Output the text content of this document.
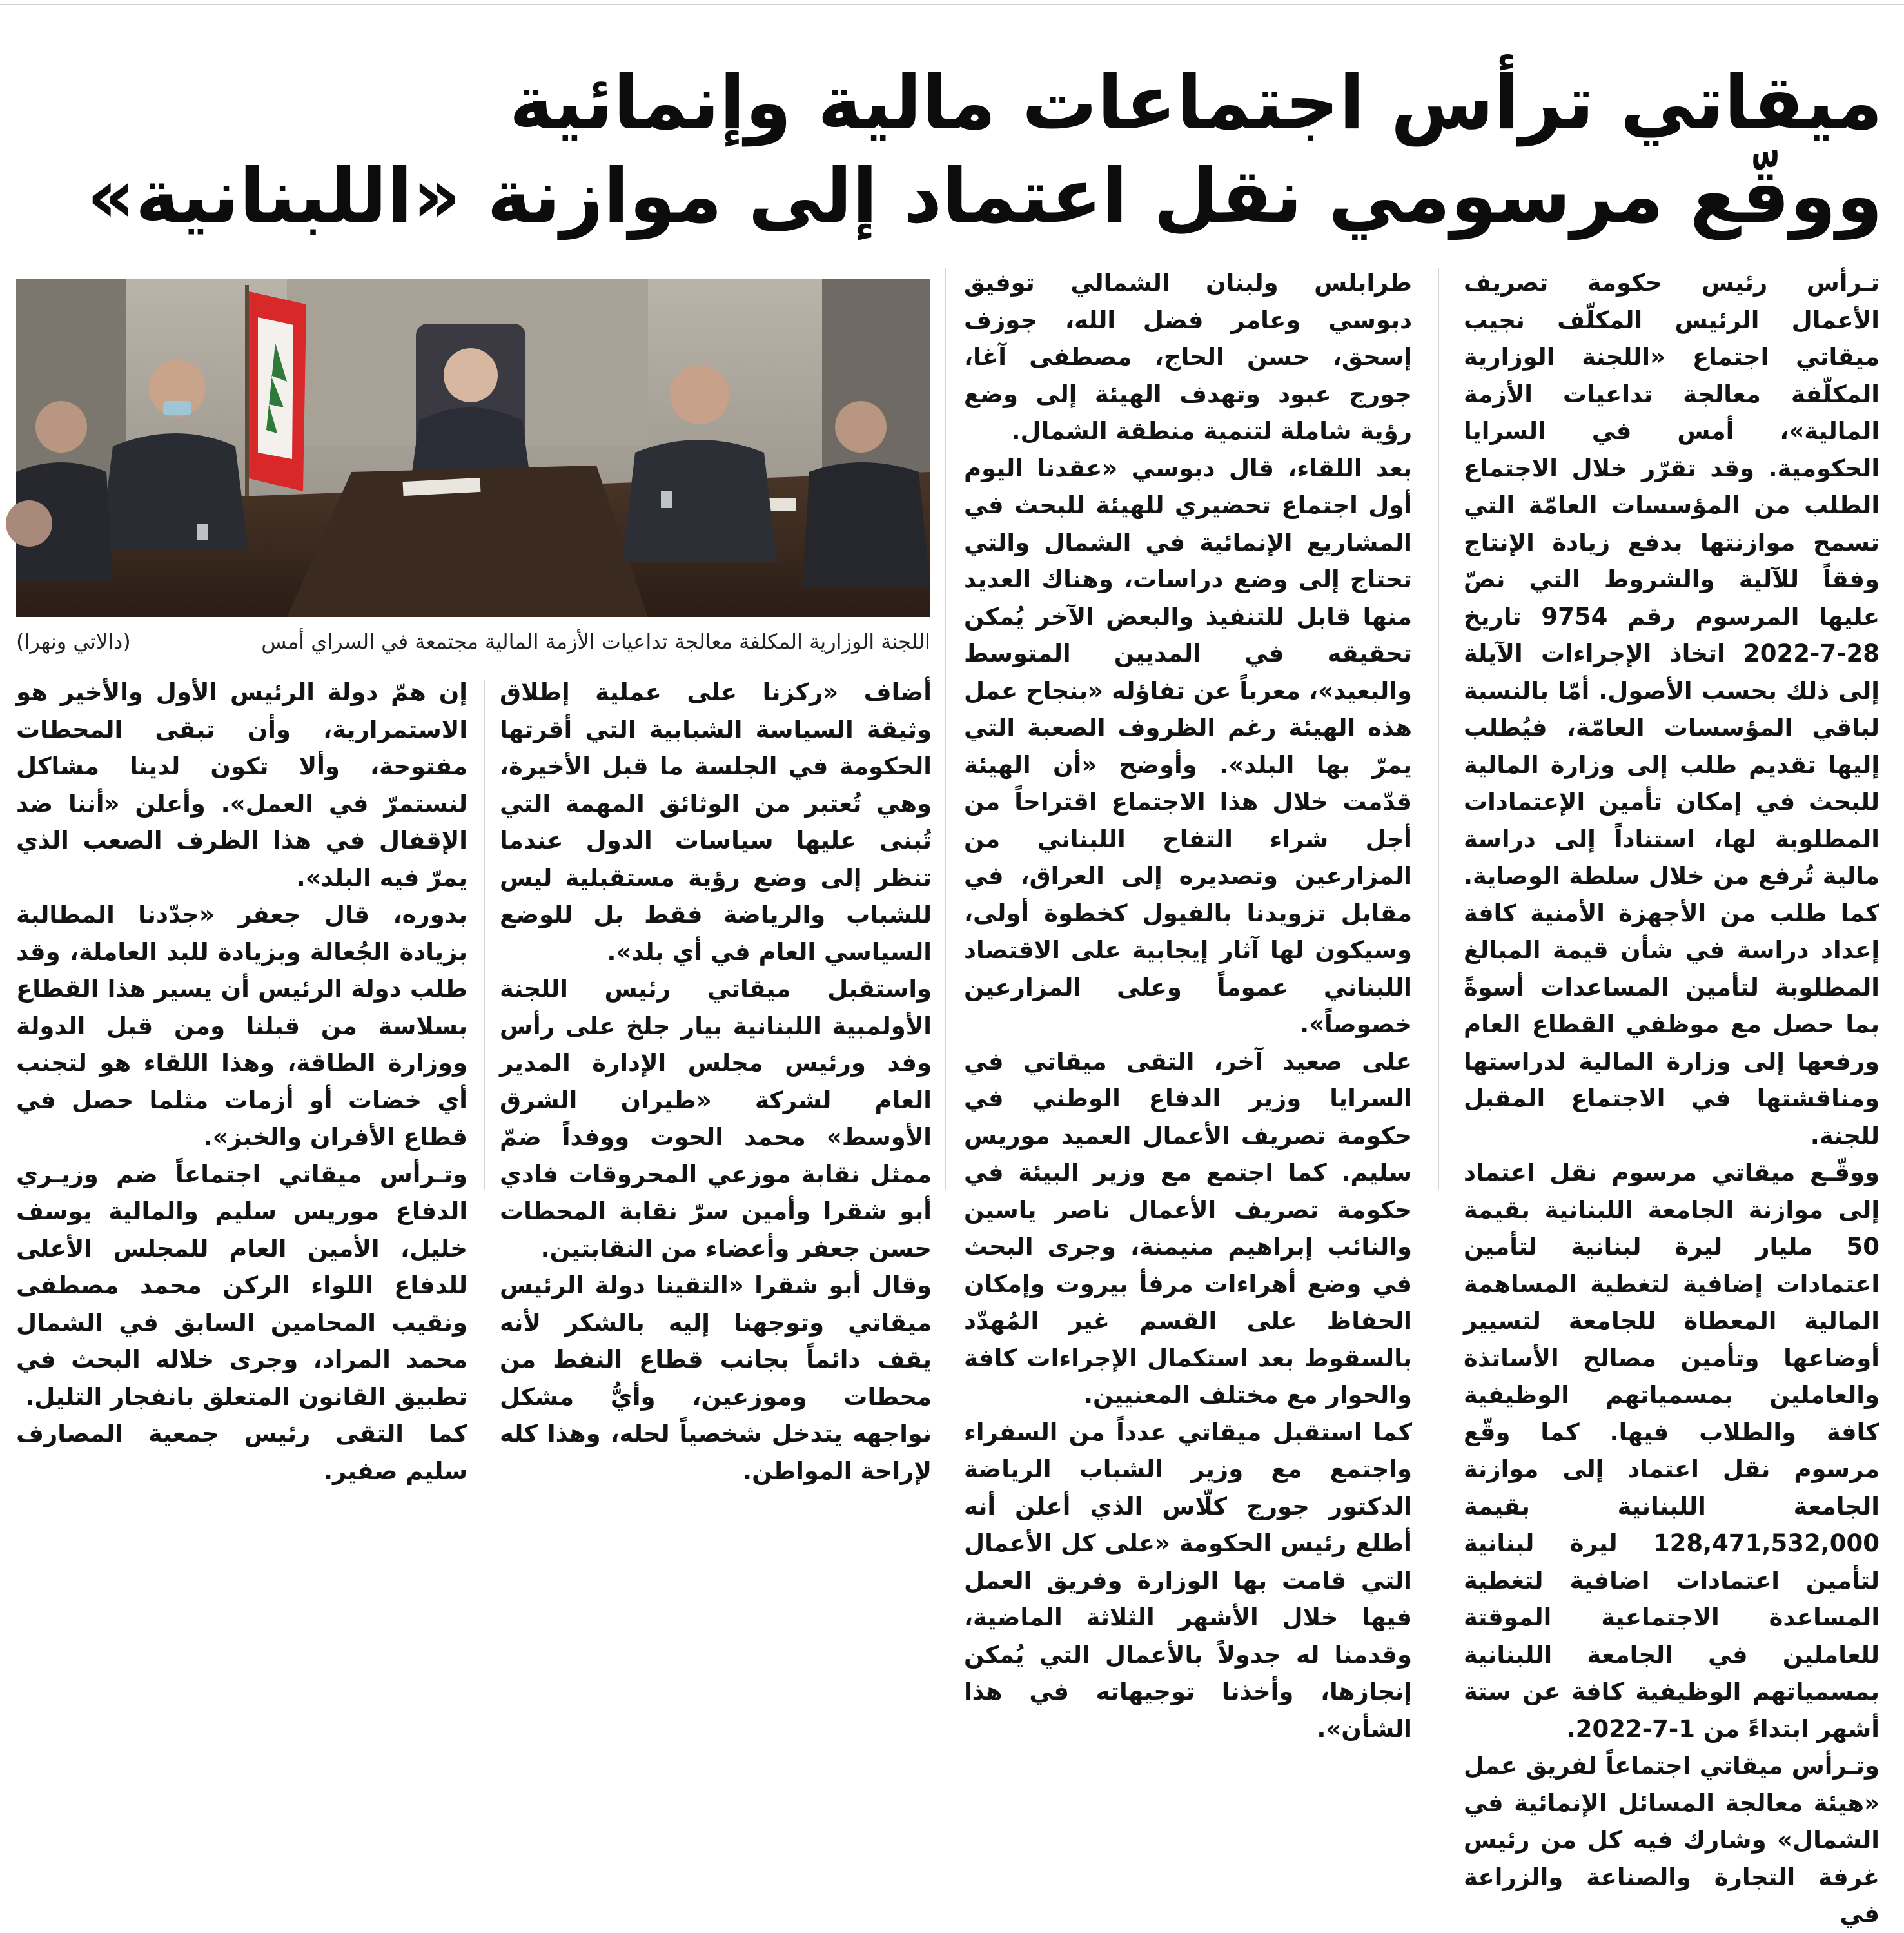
ميقاتي ترأس اجتماعات مالية وإنمائية
ووقّع مرسومي نقل اعتماد إلى موازنة «اللبنانية»

تـرأس رئيس حكومة تصريف الأعمال الرئيس المكلّف نجيب ميقاتي اجتماع «اللجنة الوزارية المكلّفة معالجة تداعيات الأزمة المالية»، أمس في السرايا الحكومية. وقد تقرّر خلال الاجتماع الطلب من المؤسسات العامّة التي تسمح موازنتها بدفع زيادة الإنتاج وفقاً للآلية والشروط التي نصّ عليها المرسوم رقم 9754 تاريخ 28-7-2022 اتخاذ الإجراءات الآيلة إلى ذلك بحسب الأصول. أمّا بالنسبة لباقي المؤسسات العامّة، فيُطلب إليها تقديم طلب إلى وزارة المالية للبحث في إمكان تأمين الإعتمادات المطلوبة لها، استناداً إلى دراسة مالية تُرفع من خلال سلطة الوصاية. كما طلب من الأجهزة الأمنية كافة إعداد دراسة في شأن قيمة المبالغ المطلوبة لتأمين المساعدات أسوةً بما حصل مع موظفي القطاع العام ورفعها إلى وزارة المالية لدراستها ومناقشتها في الاجتماع المقبل للجنة.

ووقّـع ميقاتي مرسوم نقل اعتماد إلى موازنة الجامعة اللبنانية بقيمة 50 مليار ليرة لبنانية لتأمين اعتمادات إضافية لتغطية المساهمة المالية المعطاة للجامعة لتسيير أوضاعها وتأمين مصالح الأساتذة والعاملين بمسمياتهم الوظيفية كافة والطلاب فيها. كما وقّع مرسوم نقل اعتماد إلى موازنة الجامعة اللبنانية بقيمة 128,471,532,000 ليرة لبنانية لتأمين اعتمادات اضافية لتغطية المساعدة الاجتماعية الموقتة للعاملين في الجامعة اللبنانية بمسمياتهم الوظيفية كافة عن ستة أشهر ابتداءً من 1-7-2022.

وتـرأس ميقاتي اجتماعاً لفريق عمل «هيئة معالجة المسائل الإنمائية في الشمال» وشارك فيه كل من رئيس غرفة التجارة والصناعة والزراعة في

طرابلس ولبنان الشمالي توفيق دبوسي وعامر فضل الله، جوزف إسحق، حسن الحاج، مصطفى آغا، جورج عبود وتهدف الهيئة إلى وضع رؤية شاملة لتنمية منطقة الشمال.

بعد اللقاء، قال دبوسي «عقدنا اليوم أول اجتماع تحضيري للهيئة للبحث في المشاريع الإنمائية في الشمال والتي تحتاج إلى وضع دراسات، وهناك العديد منها قابل للتنفيذ والبعض الآخر يُمكن تحقيقه في المديين المتوسط والبعيد»، معرباً عن تفاؤله «بنجاح عمل هذه الهيئة رغم الظروف الصعبة التي يمرّ بها البلد». وأوضح «أن الهيئة قدّمت خلال هذا الاجتماع اقتراحاً من أجل شراء التفاح اللبناني من المزارعين وتصديره إلى العراق، في مقابل تزويدنا بالفيول كخطوة أولى، وسيكون لها آثار إيجابية على الاقتصاد اللبناني عموماً وعلى المزارعين خصوصاً».

على صعيد آخر، التقى ميقاتي في السرايا وزير الدفاع الوطني في حكومة تصريف الأعمال العميد موريس سليم. كما اجتمع مع وزير البيئة في حكومة تصريف الأعمال ناصر ياسين والنائب إبراهيم منيمنة، وجرى البحث في وضع أهراءات مرفأ بيروت وإمكان الحفاظ على القسم غير المُهدّد بالسقوط بعد استكمال الإجراءات كافة والحوار مع مختلف المعنيين.

كما استقبل ميقاتي عدداً من السفراء واجتمع مع وزير الشباب الرياضة الدكتور جورج كلّاس الذي أعلن أنه أطلع رئيس الحكومة «على كل الأعمال التي قامت بها الوزارة وفريق العمل فيها خلال الأشهر الثلاثة الماضية، وقدمنا له جدولاً بالأعمال التي يُمكن إنجازها، وأخذنا توجيهاته في هذا الشأن».

أضاف «ركزنا على عملية إطلاق وثيقة السياسة الشبابية التي أقرتها الحكومة في الجلسة ما قبل الأخيرة، وهي تُعتبر من الوثائق المهمة التي تُبنى عليها سياسات الدول عندما تنظر إلى وضع رؤية مستقبلية ليس للشباب والرياضة فقط بل للوضع السياسي العام في أي بلد».

واستقبل ميقاتي رئيس اللجنة الأولمبية اللبنانية بيار جلخ على رأس وفد ورئيس مجلس الإدارة المدير العام لشركة «طيران الشرق الأوسط» محمد الحوت ووفداً ضمّ ممثل نقابة موزعي المحروقات فادي أبو شقرا وأمين سرّ نقابة المحطات حسن جعفر وأعضاء من النقابتين.

وقال أبو شقرا «التقينا دولة الرئيس ميقاتي وتوجهنا إليه بالشكر لأنه يقف دائماً بجانب قطاع النفط من محطات وموزعين، وأيُّ مشكل نواجهه يتدخل شخصياً لحله، وهذا كله لإراحة المواطن.

إن همّ دولة الرئيس الأول والأخير هو الاستمرارية، وأن تبقى المحطات مفتوحة، وألا تكون لدينا مشاكل لنستمرّ في العمل». وأعلن «أننا ضد الإقفال في هذا الظرف الصعب الذي يمرّ فيه البلد».

بدوره، قال جعفر «جدّدنا المطالبة بزيادة الجُعالة وبزيادة للبد العاملة، وقد طلب دولة الرئيس أن يسير هذا القطاع بسلاسة من قبلنا ومن قبل الدولة ووزارة الطاقة، وهذا اللقاء هو لتجنب أي خضات أو أزمات مثلما حصل في قطاع الأفران والخبز».

وتـرأس ميقاتي اجتماعاً ضم وزيـري الدفاع موريس سليم والمالية يوسف خليل، الأمين العام للمجلس الأعلى للدفاع اللواء الركن محمد مصطفى ونقيب المحامين السابق في الشمال محمد المراد، وجرى خلاله البحث في تطبيق القانون المتعلق بانفجار التليل.

كما التقى رئيس جمعية المصارف سليم صفير.

اللجنة الوزارية المكلفة معالجة تداعيات الأزمة المالية مجتمعة في السراي أمس
(دالاتي ونهرا)
